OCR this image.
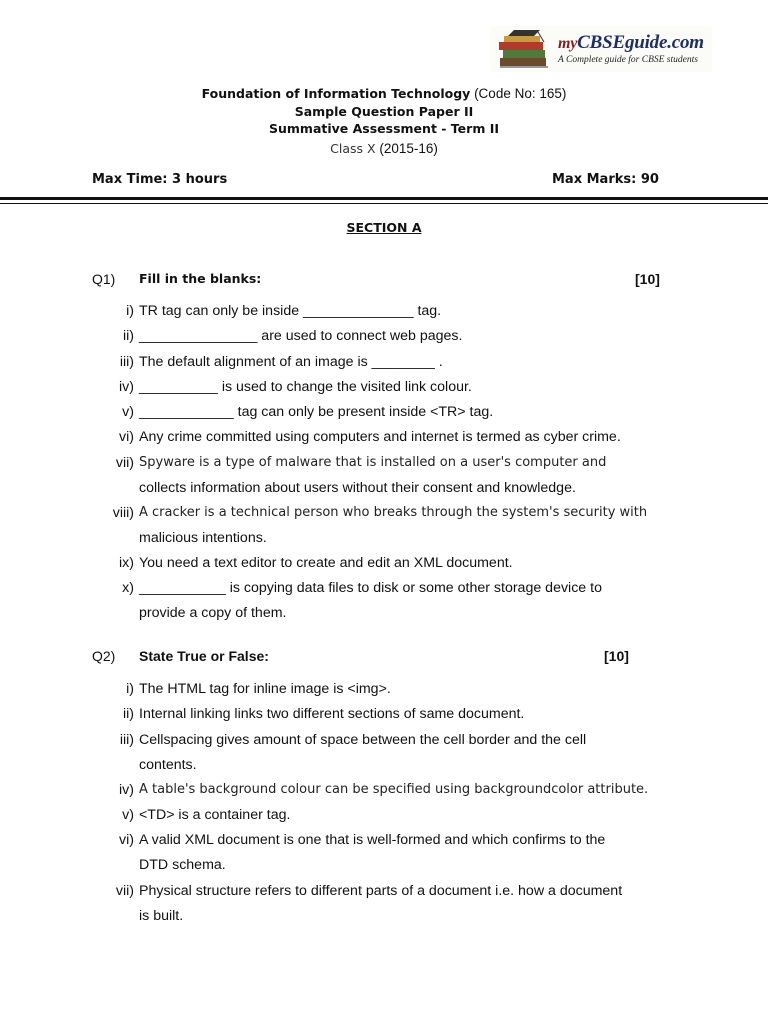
myCBSEguide.com
A Complete guide for CBSE students
Foundation of Information Technology (Code No: 165)
Sample Question Paper II
Summative Assessment - Term II
Class X (2015-16)
Max Time: 3 hours	Max Marks: 90
SECTION A
Q1) Fill in the blanks:	[10]
i) TR tag can only be inside ______________ tag.
ii) _______________ are used to connect web pages.
iii) The default alignment of an image is ________ .
iv) __________ is used to change the visited link colour.
v) ____________ tag can only be present inside <TR> tag.
vi) Any crime committed using computers and internet is termed as cyber crime.
vii) Spyware is a type of malware that is installed on a user's computer and
collects information about users without their consent and knowledge.
viii) A cracker is a technical person who breaks through the system's security with
malicious intentions.
ix) You need a text editor to create and edit an XML document.
x) ___________ is copying data files to disk or some other storage device to
provide a copy of them.
Q2) State True or False:	[10]
i) The HTML tag for inline image is <img>.
ii) Internal linking links two different sections of same document.
iii) Cellspacing gives amount of space between the cell border and the cell
contents.
iv) A table's background colour can be specified using backgroundcolor attribute.
v) <TD> is a container tag.
vi) A valid XML document is one that is well-formed and which confirms to the
DTD schema.
vii) Physical structure refers to different parts of a document i.e. how a document
is built.
